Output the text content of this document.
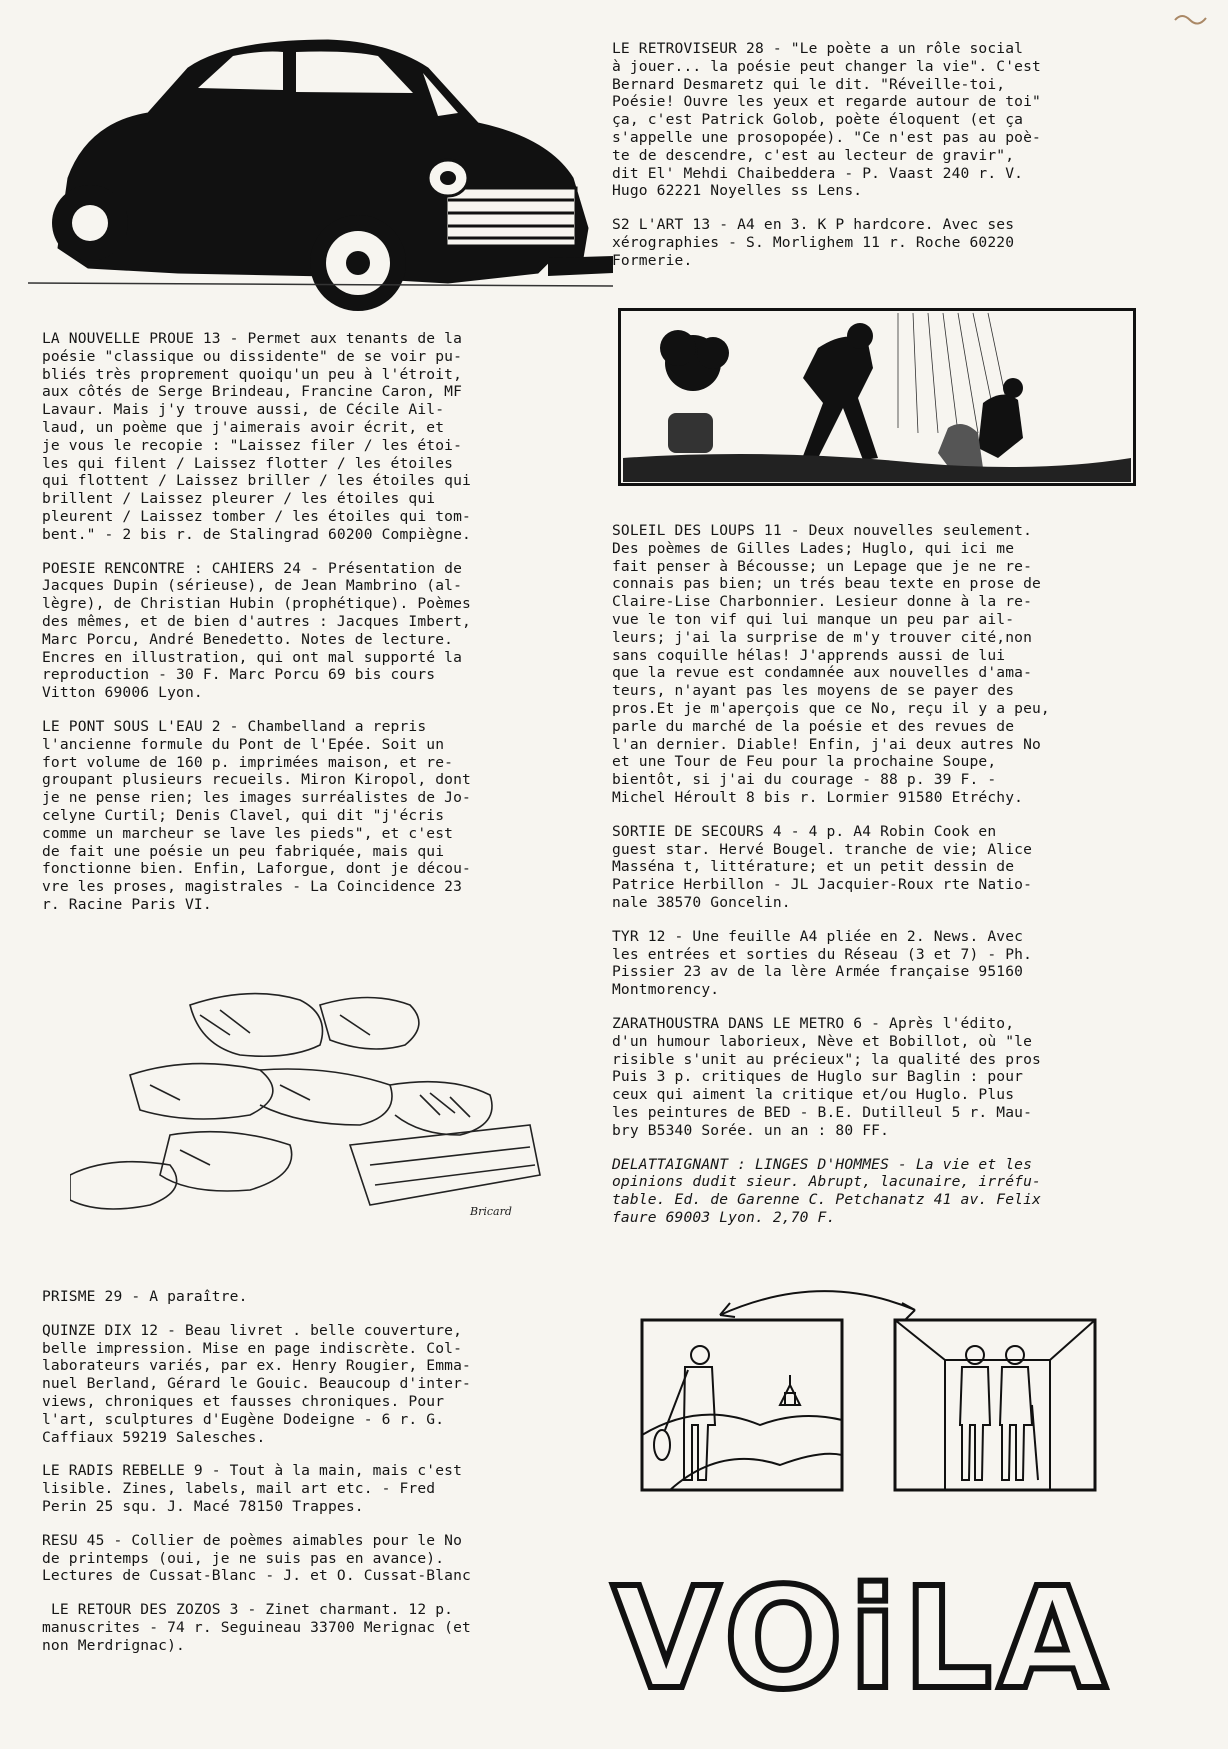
LA NOUVELLE PROUE 13 - Permet aux tenants de la
poésie "classique ou dissidente" de se voir pu-
bliés très proprement quoiqu'un peu à l'étroit,
aux côtés de Serge Brindeau, Francine Caron, MF
Lavaur. Mais j'y trouve aussi, de Cécile Ail-
laud, un poème que j'aimerais avoir écrit, et
je vous le recopie : "Laissez filer / les étoi-
les qui filent / Laissez flotter / les étoiles
qui flottent / Laissez briller / les étoiles qui
brillent / Laissez pleurer / les étoiles qui
pleurent / Laissez tomber / les étoiles qui tom-
bent." - 2 bis r. de Stalingrad 60200 Compiègne.

POESIE RENCONTRE : CAHIERS 24 - Présentation de
Jacques Dupin (sérieuse), de Jean Mambrino (al-
lègre), de Christian Hubin (prophétique). Poèmes
des mêmes, et de bien d'autres : Jacques Imbert,
Marc Porcu, André Benedetto. Notes de lecture.
Encres en illustration, qui ont mal supporté la
reproduction - 30 F. Marc Porcu 69 bis cours
Vitton 69006 Lyon.

LE PONT SOUS L'EAU 2 - Chambelland a repris
l'ancienne formule du Pont de l'Epée. Soit un
fort volume de 160 p. imprimées maison, et re-
groupant plusieurs recueils. Miron Kiropol, dont
je ne pense rien; les images surréalistes de Jo-
celyne Curtil; Denis Clavel, qui dit "j'écris
comme un marcheur se lave les pieds", et c'est
de fait une poésie un peu fabriquée, mais qui
fonctionne bien. Enfin, Laforgue, dont je décou-
vre les proses, magistrales - La Coincidence 23
r. Racine Paris VI.

Bricard

PRISME 29 - A paraître.

QUINZE DIX 12 - Beau livret . belle couverture,
belle impression. Mise en page indiscrète. Col-
laborateurs variés, par ex. Henry Rougier, Emma-
nuel Berland, Gérard le Gouic. Beaucoup d'inter-
views, chroniques et fausses chroniques. Pour
l'art, sculptures d'Eugène Dodeigne - 6 r. G.
Caffiaux 59219 Salesches.

LE RADIS REBELLE 9 - Tout à la main, mais c'est
lisible. Zines, labels, mail art etc. - Fred
Perin 25 squ. J. Macé 78150 Trappes.

RESU 45 - Collier de poèmes aimables pour le No
de printemps (oui, je ne suis pas en avance).
Lectures de Cussat-Blanc - J. et O. Cussat-Blanc

LE RETOUR DES ZOZOS 3 - Zinet charmant. 12 p.
manuscrites - 74 r. Seguineau 33700 Merignac (et
non Merdrignac).

LE RETROVISEUR 28 - "Le poète a un rôle social
à jouer... la poésie peut changer la vie". C'est
Bernard Desmaretz qui le dit. "Réveille-toi,
Poésie! Ouvre les yeux et regarde autour de toi"
ça, c'est Patrick Golob, poète éloquent (et ça
s'appelle une prosopopée). "Ce n'est pas au poè-
te de descendre, c'est au lecteur de gravir",
dit El' Mehdi Chaibeddera - P. Vaast 240 r. V.
Hugo 62221 Noyelles ss Lens.

S2 L'ART 13 - A4 en 3. K P hardcore. Avec ses
xérographies - S. Morlighem 11 r. Roche 60220
Formerie.

SOLEIL DES LOUPS 11 - Deux nouvelles seulement.
Des poèmes de Gilles Lades; Huglo, qui ici me
fait penser à Bécousse; un Lepage que je ne re-
connais pas bien; un trés beau texte en prose de
Claire-Lise Charbonnier. Lesieur donne à la re-
vue le ton vif qui lui manque un peu par ail-
leurs; j'ai la surprise de m'y trouver cité,non
sans coquille hélas! J'apprends aussi de lui
que la revue est condamnée aux nouvelles d'ama-
teurs, n'ayant pas les moyens de se payer des
pros.Et je m'aperçois que ce No, reçu il y a peu,
parle du marché de la poésie et des revues de
l'an dernier. Diable! Enfin, j'ai deux autres No
et une Tour de Feu pour la prochaine Soupe,
bientôt, si j'ai du courage - 88 p. 39 F. -
Michel Héroult 8 bis r. Lormier 91580 Etréchy.

SORTIE DE SECOURS 4 - 4 p. A4 Robin Cook en
guest star. Hervé Bougel. tranche de vie; Alice
Masséna t, littérature; et un petit dessin de
Patrice Herbillon - JL Jacquier-Roux rte Natio-
nale 38570 Goncelin.

TYR 12 - Une feuille A4 pliée en 2. News. Avec
les entrées et sorties du Réseau (3 et 7) - Ph.
Pissier 23 av de la lère Armée française 95160
Montmorency.

ZARATHOUSTRA DANS LE METRO 6 - Après l'édito,
d'un humour laborieux, Nève et Bobillot, où "le
risible s'unit au précieux"; la qualité des pros
Puis 3 p. critiques de Huglo sur Baglin : pour
ceux qui aiment la critique et/ou Huglo. Plus
les peintures de BED - B.E. Dutilleul 5 r. Mau-
bry B5340 Sorée. un an : 80 FF.

DELATTAIGNANT : LINGES D'HOMMES - La vie et les
opinions dudit sieur. Abrupt, lacunaire, irréfu-
table. Ed. de Garenne C. Petchanatz 41 av. Felix
faure 69003 Lyon. 2,70 F.

VOiLA
